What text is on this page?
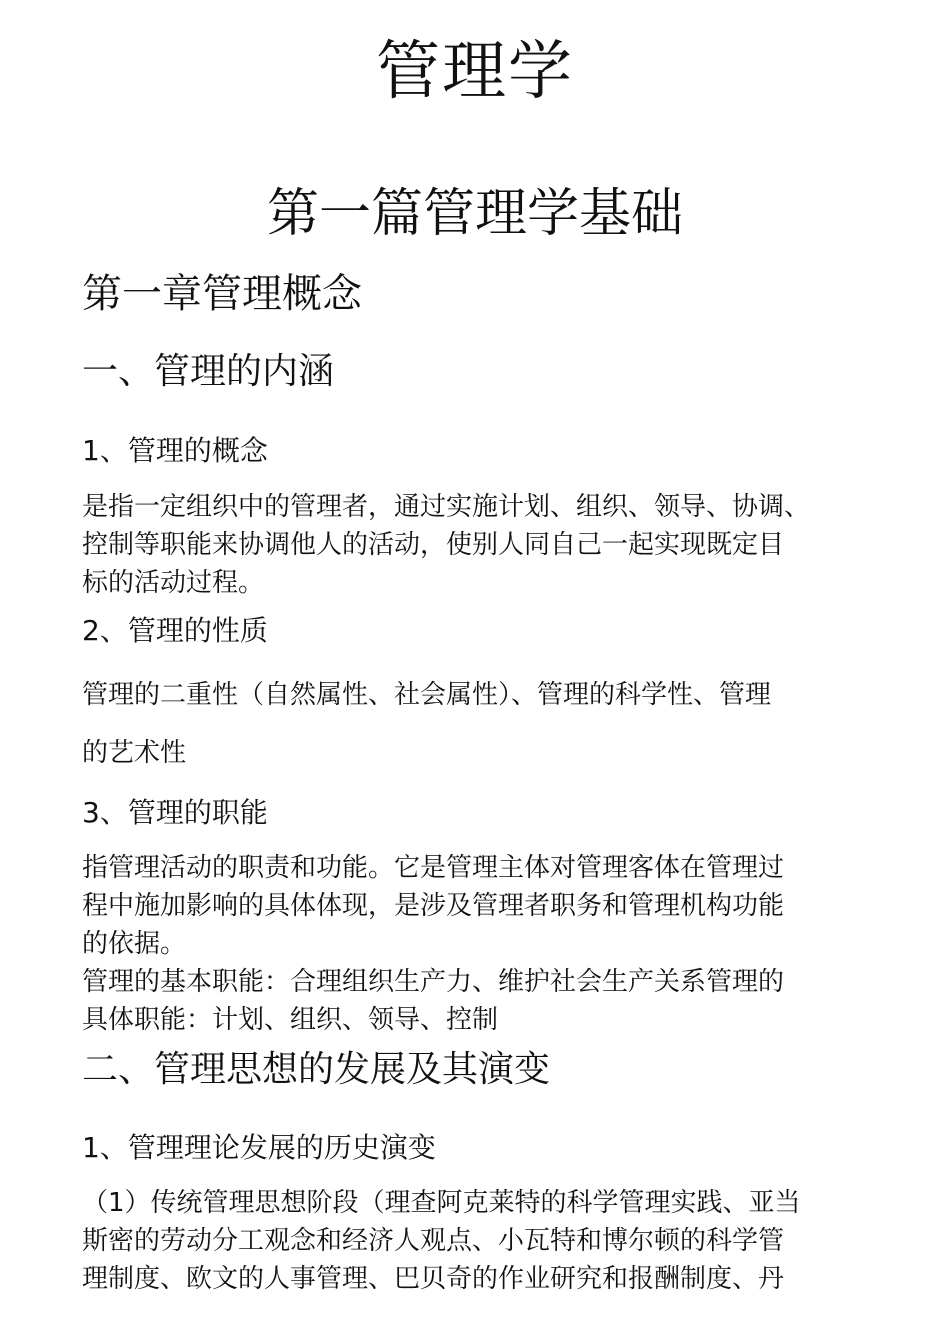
管理学
第一篇管理学基础
第一章管理概念
一、管理的内涵
1、管理的概念
是指一定组织中的管理者，通过实施计划、组织、领导、协调、
控制等职能来协调他人的活动，使别人同自己一起实现既定目
标的活动过程。
2、管理的性质
管理的二重性（自然属性、社会属性）、管理的科学性、管理
的艺术性
3、管理的职能
指管理活动的职责和功能。它是管理主体对管理客体在管理过
程中施加影响的具体体现，是涉及管理者职务和管理机构功能
的依据。
管理的基本职能：合理组织生产力、维护社会生产关系管理的
具体职能：计划、组织、领导、控制
二、管理思想的发展及其演变
1、管理理论发展的历史演变
（1）传统管理思想阶段（理查阿克莱特的科学管理实践、亚当
斯密的劳动分工观念和经济人观点、小瓦特和博尔顿的科学管
理制度、欧文的人事管理、巴贝奇的作业研究和报酬制度、丹
